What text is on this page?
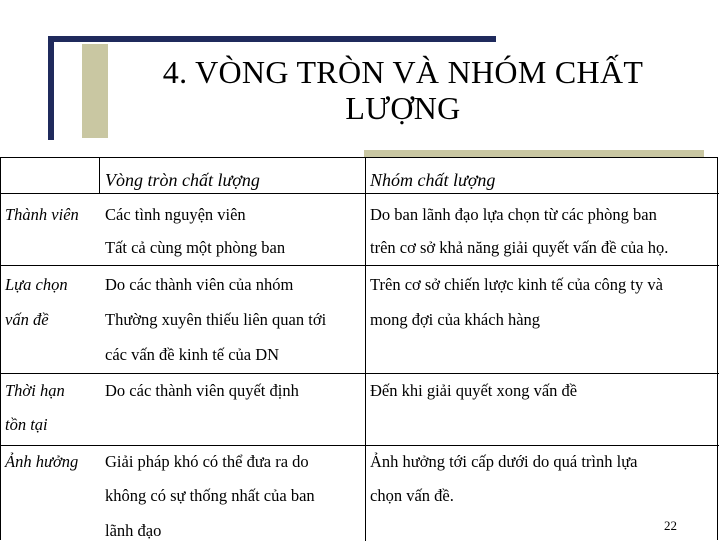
4. VÒNG TRÒN VÀ NHÓM CHẤT
LƯỢNG
Vòng tròn chất lượng	Nhóm chất lượng
Thành viên Các tình nguyện viên
Tất cả cùng một phòng ban
Do ban lãnh đạo lựa chọn từ các phòng ban
trên cơ sở khả năng giải quyết vấn đề của họ.
Lựa chọn
vấn đề
Do các thành viên của nhóm
Thường xuyên thiếu liên quan tới
các vấn đề kinh tế của DN
Trên cơ sở chiến lược kinh tế của công ty và
mong đợi của khách hàng
Thời hạn
tồn tại
Do các thành viên quyết định	Đến khi giải quyết xong vấn đề
Ảnh hưởng Giải pháp khó có thể đưa ra do
không có sự thống nhất của ban
lãnh đạo
Ảnh hưởng tới cấp dưới do quá trình lựa
chọn vấn đề.
22
